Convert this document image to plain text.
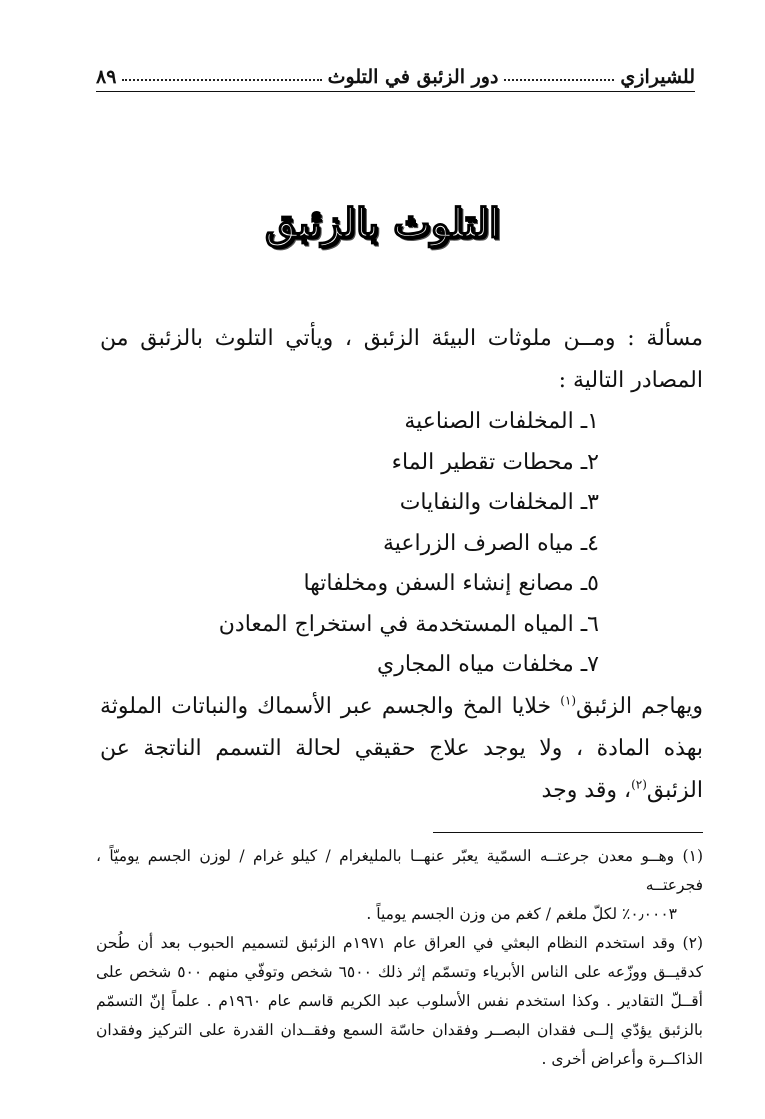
للشيرازي
دور الزئبق في التلوث
٨٩
التلوث بالزئبق

مسألة : ومــن ملوثات البيئة الزئبق ، ويأتي التلوث بالزئبق من المصادر التالية :

١ـ المخلفات الصناعية
٢ـ محطات تقطير الماء
٣ـ المخلفات والنفايات
٤ـ مياه الصرف الزراعية
٥ـ مصانع إنشاء السفن ومخلفاتها
٦ـ المياه المستخدمة في استخراج المعادن
٧ـ مخلفات مياه المجاري

ويهاجم الزئبق$^{(١)}$ خلايا المخ والجسم عبر الأسماك والنباتات الملوثة بهذه المادة ، ولا يوجد علاج حقيقي لحالة التسمم الناتجة عن الزئبق$^{(٢)}$، وقد وجد

(١) وهــو معدن جرعتــه السمّية يعبّر عنهــا بالمليغرام / كيلو غرام / لوزن الجسم يوميّاً ، فجرعتــه
٠٫٠٠٠٣٪ لكلّ ملغم / كغم من وزن الجسم يومياً .

(٢) وقد استخدم النظام البعثي في العراق عام ١٩٧١م الزئبق لتسميم الحبوب بعد أن طُحن كدقيــق ووزّعه على الناس الأبرياء وتسمّم إثر ذلك ٦٥٠٠ شخص وتوفّي منهم ٥٠٠ شخص على أقــلّ التقادير . وكذا استخدم نفس الأسلوب عبد الكريم قاسم عام ١٩٦٠م . علماً إنّ التسمّم بالزئبق يؤدّي إلــى فقدان البصــر وفقدان حاسّة السمع وفقــدان القدرة على التركيز وفقدان الذاكــرة وأعراض أخرى .
